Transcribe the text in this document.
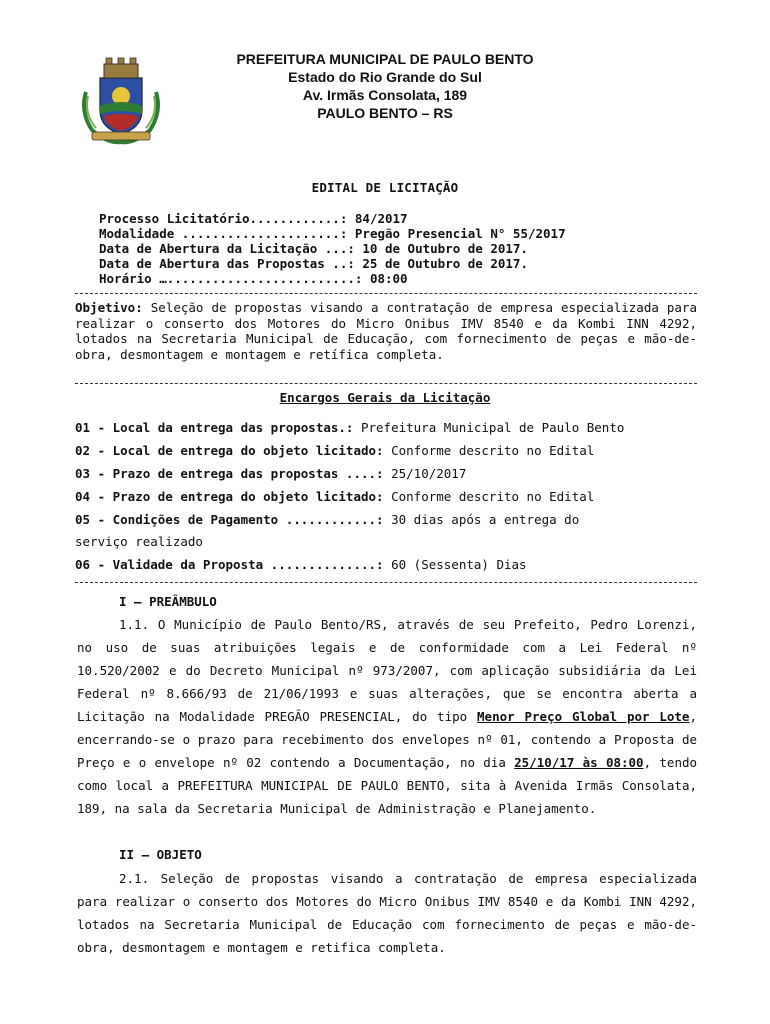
PREFEITURA MUNICIPAL DE PAULO BENTO
Estado do Rio Grande do Sul
Av. Irmãs Consolata, 189
PAULO BENTO – RS
EDITAL DE LICITAÇÃO
Processo Licitatório............: 84/2017
Modalidade .....................: Pregão Presencial N° 55/2017
Data de Abertura da Licitação ...: 10 de Outubro de 2017.
Data de Abertura das Propostas ..: 25 de Outubro de 2017.
Horário ….........................: 08:00
Objetivo: Seleção de propostas visando a contratação de empresa especializada para realizar o conserto dos Motores do Micro Onibus IMV 8540 e da Kombi INN 4292, lotados na Secretaria Municipal de Educação, com fornecimento de peças e mão-de-obra, desmontagem e montagem e retífica completa.
Encargos Gerais da Licitação
01 - Local da entrega das propostas.: Prefeitura Municipal de Paulo Bento
02 - Local de entrega do objeto licitado: Conforme descrito no Edital
03 - Prazo de entrega das propostas ....: 25/10/2017
04 - Prazo de entrega do objeto licitado: Conforme descrito no Edital
05 - Condições de Pagamento ............: 30 dias após a entrega do
serviço realizado
06 - Validade da Proposta ..............: 60 (Sessenta) Dias
I – PREÂMBULO
1.1. O Município de Paulo Bento/RS, através de seu Prefeito, Pedro Lorenzi, no uso de suas atribuições legais e de conformidade com a Lei Federal nº 10.520/2002 e do Decreto Municipal nº 973/2007, com aplicação subsidiária da Lei Federal nº 8.666/93 de 21/06/1993 e suas alterações, que se encontra aberta a Licitação na Modalidade PREGÃO PRESENCIAL, do tipo Menor Preço Global por Lote, encerrando-se o prazo para recebimento dos envelopes nº 01, contendo a Proposta de Preço e o envelope nº 02 contendo a Documentação, no dia 25/10/17 às 08:00, tendo como local a PREFEITURA MUNICIPAL DE PAULO BENTO, sita à Avenida Irmãs Consolata, 189, na sala da Secretaria Municipal de Administração e Planejamento.
II – OBJETO
2.1. Seleção de propostas visando a contratação de empresa especializada para realizar o conserto dos Motores do Micro Onibus IMV 8540 e da Kombi INN 4292, lotados na Secretaria Municipal de Educação com fornecimento de peças e mão-de-obra, desmontagem e montagem e retifica completa.
